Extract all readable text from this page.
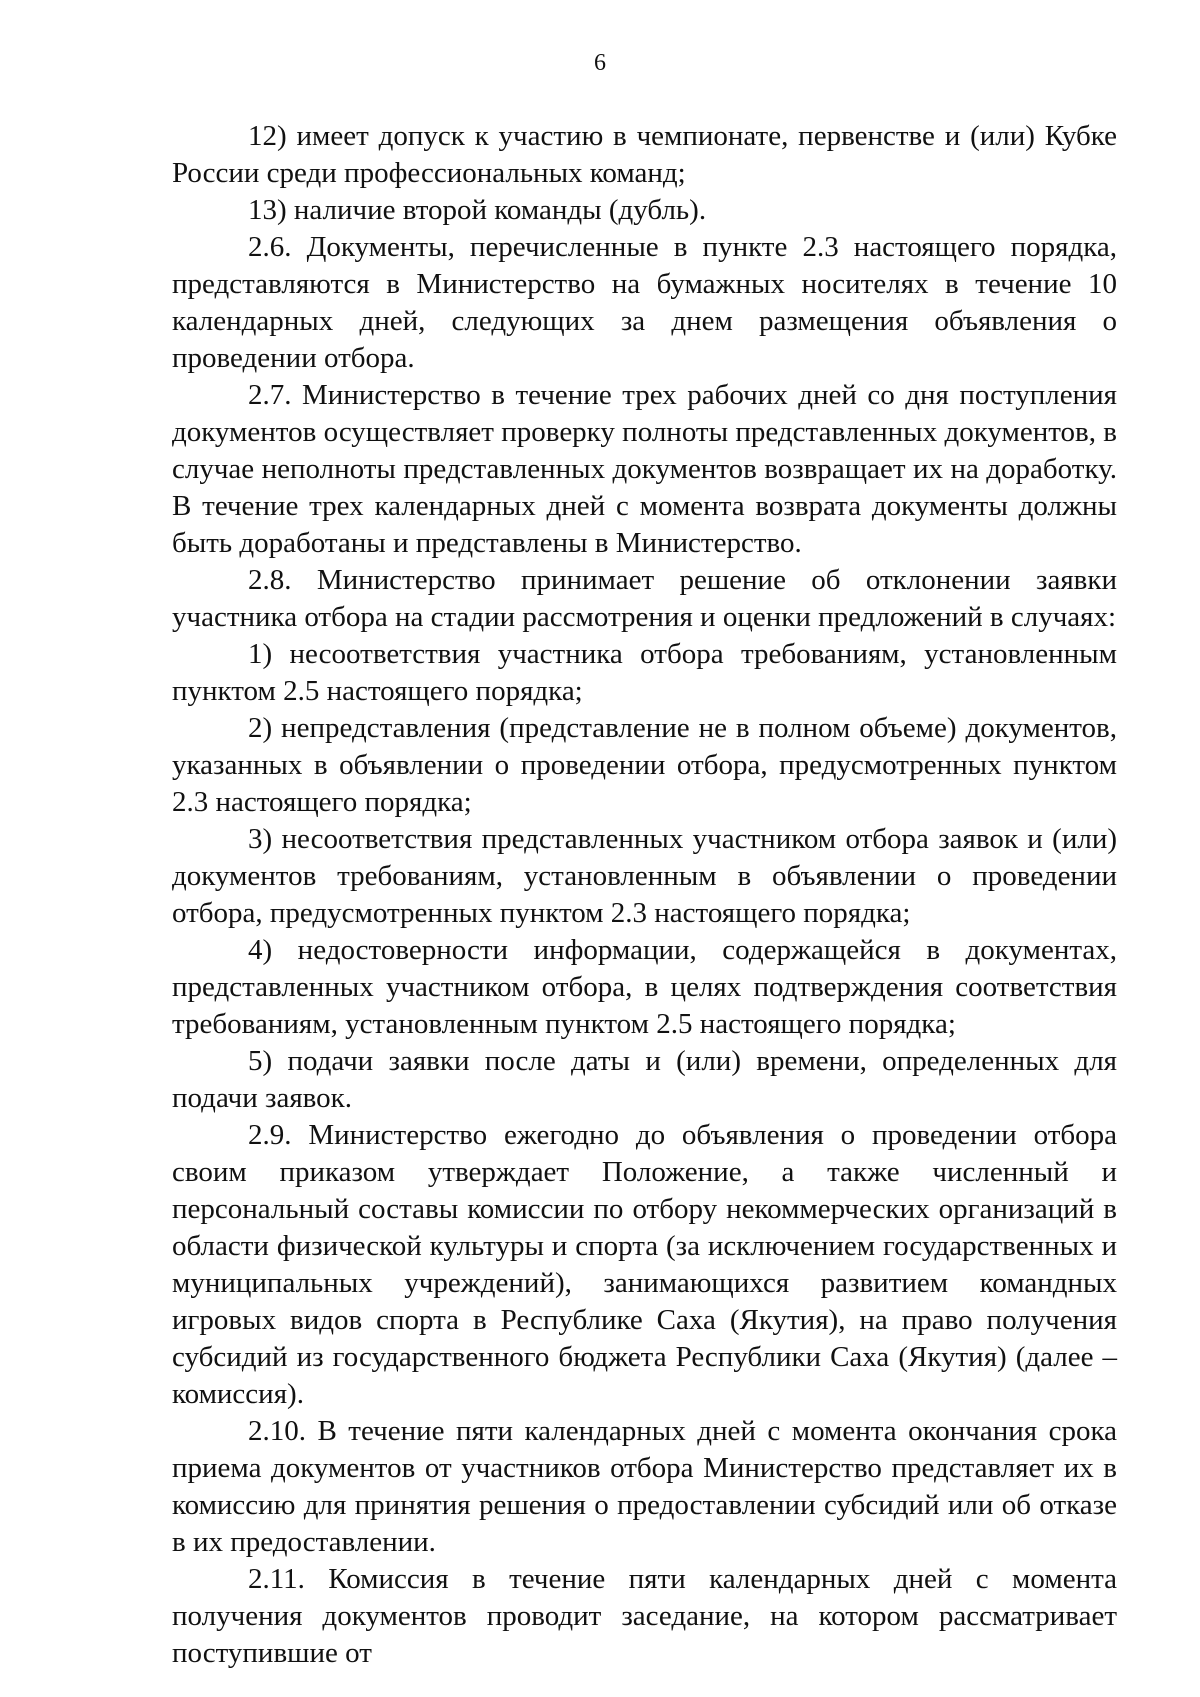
6

12) имеет допуск к участию в чемпионате, первенстве и (или) Кубке России среди профессиональных команд;

13) наличие второй команды (дубль).

2.6. Документы, перечисленные в пункте 2.3 настоящего порядка, представляются в Министерство на бумажных носителях в течение 10 календарных дней, следующих за днем размещения объявления о проведении отбора.

2.7. Министерство в течение трех рабочих дней со дня поступления документов осуществляет проверку полноты представленных документов, в случае неполноты представленных документов возвращает их на доработку. В течение трех календарных дней с момента возврата документы должны быть доработаны и представлены в Министерство.

2.8. Министерство принимает решение об отклонении заявки участника отбора на стадии рассмотрения и оценки предложений в случаях:

1) несоответствия участника отбора требованиям, установленным пунктом 2.5 настоящего порядка;

2) непредставления (представление не в полном объеме) документов, указанных в объявлении о проведении отбора, предусмотренных пунктом 2.3 настоящего порядка;

3) несоответствия представленных участником отбора заявок и (или) документов требованиям, установленным в объявлении о проведении отбора, предусмотренных пунктом 2.3 настоящего порядка;

4) недостоверности информации, содержащейся в документах, представленных участником отбора, в целях подтверждения соответствия требованиям, установленным пунктом 2.5 настоящего порядка;

5) подачи заявки после даты и (или) времени, определенных для подачи заявок.

2.9. Министерство ежегодно до объявления о проведении отбора своим приказом утверждает Положение, а также численный и персональный составы комиссии по отбору некоммерческих организаций в области физической культуры и спорта (за исключением государственных и муниципальных учреждений), занимающихся развитием командных игровых видов спорта в Республике Саха (Якутия), на право получения субсидий из государственного бюджета Республики Саха (Якутия) (далее – комиссия).

2.10. В течение пяти календарных дней с момента окончания срока приема документов от участников отбора Министерство представляет их в комиссию для принятия решения о предоставлении субсидий или об отказе в их предоставлении.

2.11. Комиссия в течение пяти календарных дней с момента получения документов проводит заседание, на котором рассматривает поступившие от
